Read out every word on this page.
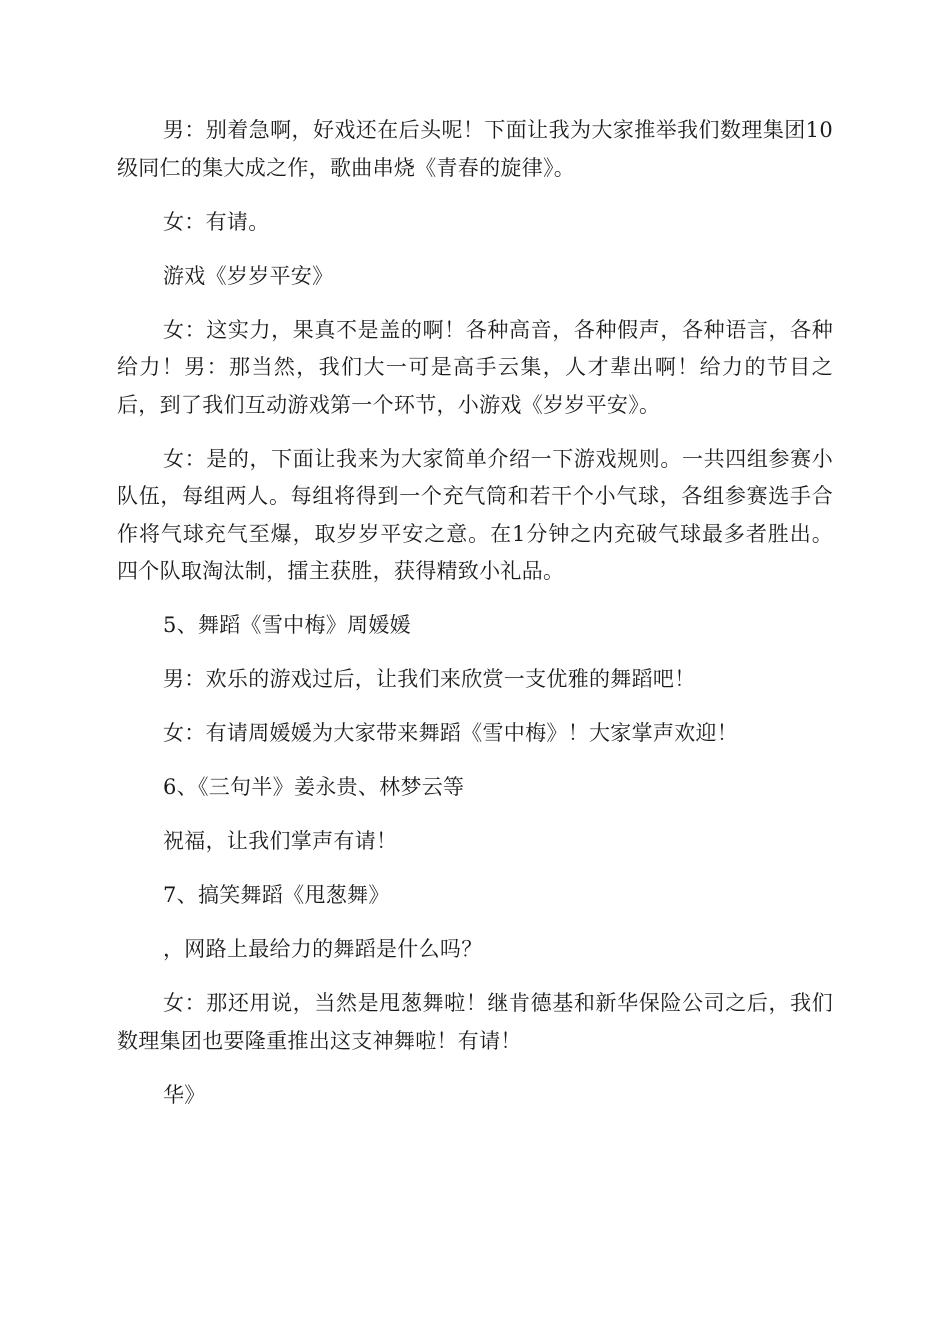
男：别着急啊，好戏还在后头呢！下面让我为大家推举我们数理集团10级同仁的集大成之作，歌曲串烧《青春的旋律》。

女：有请。

游戏《岁岁平安》

女：这实力，果真不是盖的啊！各种高音，各种假声，各种语言，各种给力！男：那当然，我们大一可是高手云集，人才辈出啊！给力的节目之后，到了我们互动游戏第一个环节，小游戏《岁岁平安》。

女：是的，下面让我来为大家简单介绍一下游戏规则。一共四组参赛小队伍，每组两人。每组将得到一个充气筒和若干个小气球，各组参赛选手合作将气球充气至爆，取岁岁平安之意。在1分钟之内充破气球最多者胜出。四个队取淘汰制，擂主获胜，获得精致小礼品。

5、舞蹈《雪中梅》周媛媛

男：欢乐的游戏过后，让我们来欣赏一支优雅的舞蹈吧！

女：有请周媛媛为大家带来舞蹈《雪中梅》！大家掌声欢迎！

6、《三句半》姜永贵、林梦云等

祝福，让我们掌声有请！

7、搞笑舞蹈《甩葱舞》

，网路上最给力的舞蹈是什么吗？

女：那还用说，当然是甩葱舞啦！继肯德基和新华保险公司之后，我们数理集团也要隆重推出这支神舞啦！有请！

华》
